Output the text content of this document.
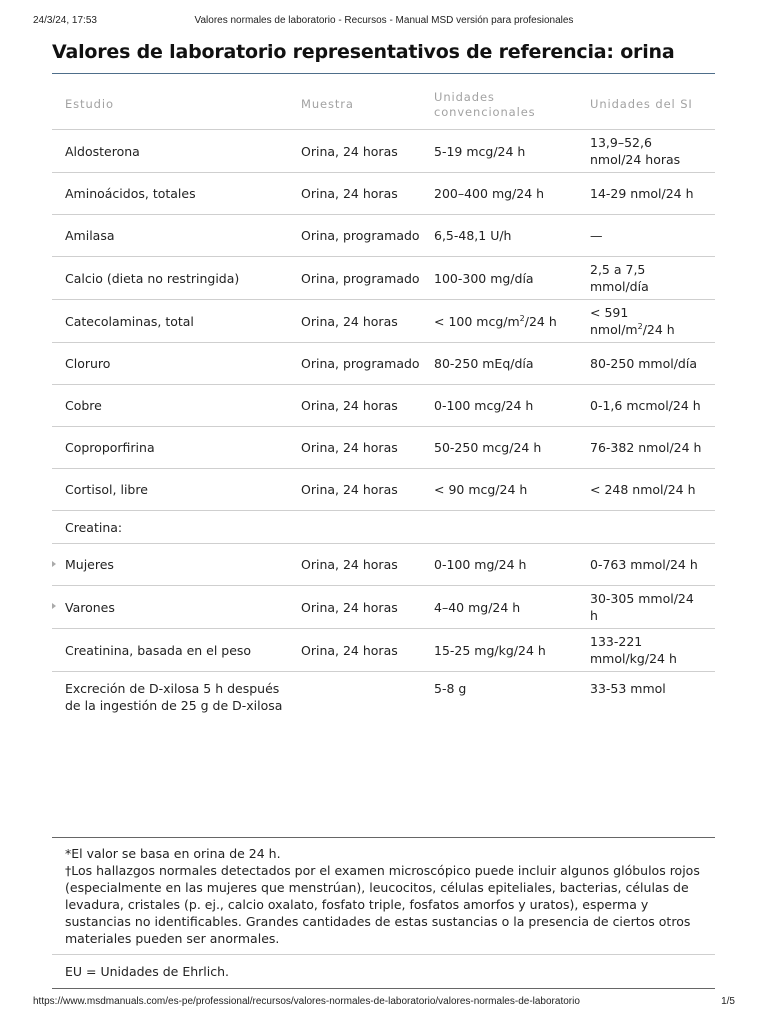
24/3/24, 17:53	Valores normales de laboratorio - Recursos - Manual MSD versión para profesionales
Valores de laboratorio representativos de referencia: orina
Estudio	Muestra	Unidades convencionales	Unidades del SI
Aldosterona	Orina, 24 horas	5-19 mcg/24 h	13,9–52,6 nmol/24 horas
Aminoácidos, totales	Orina, 24 horas	200–400 mg/24 h	14-29 nmol/24 h
Amilasa	Orina, programado	6,5-48,1 U/h	—
Calcio (dieta no restringida)	Orina, programado	100-300 mg/día	2,5 a 7,5 mmol/día
Catecolaminas, total	Orina, 24 horas	< 100 mcg/$m^2/24$ h	< 591 nmol/$m^2/24$ h
Cloruro	Orina, programado	80-250 mEq/día	80-250 mmol/día
Cobre	Orina, 24 horas	0-100 mcg/24 h	0-1,6 mcmol/24 h
Coproporfirina	Orina, 24 horas	50-250 mcg/24 h	76-382 nmol/24 h
Cortisol, libre	Orina, 24 horas	< 90 mcg/24 h	< 248 nmol/24 h
Creatina:			

Mujeres	Orina, 24 horas	0-100 mg/24 h	0-763 mmol/24 h

Varones	Orina, 24 horas	4–40 mg/24 h	30-305 mmol/24 h
Creatinina, basada en el peso	Orina, 24 horas	15-25 mg/kg/24 h	133-221 mmol/kg/24 h
Excreción de D-xilosa 5 h después de la ingestión de 25 g de D-xilosa		5-8 g	33-53 mmol
*El valor se basa en orina de 24 h.
†Los hallazgos normales detectados por el examen microscópico puede incluir algunos glóbulos rojos (especialmente en las mujeres que menstrúan), leucocitos, células epiteliales, bacterias, células de levadura, cristales (p. ej., calcio oxalato, fosfato triple, fosfatos amorfos y uratos), esperma y sustancias no identificables. Grandes cantidades de estas sustancias o la presencia de ciertos otros materiales pueden ser anormales.
EU = Unidades de Ehrlich.
https://www.msdmanuals.com/es-pe/professional/recursos/valores-normales-de-laboratorio/valores-normales-de-laboratorio	1/5
